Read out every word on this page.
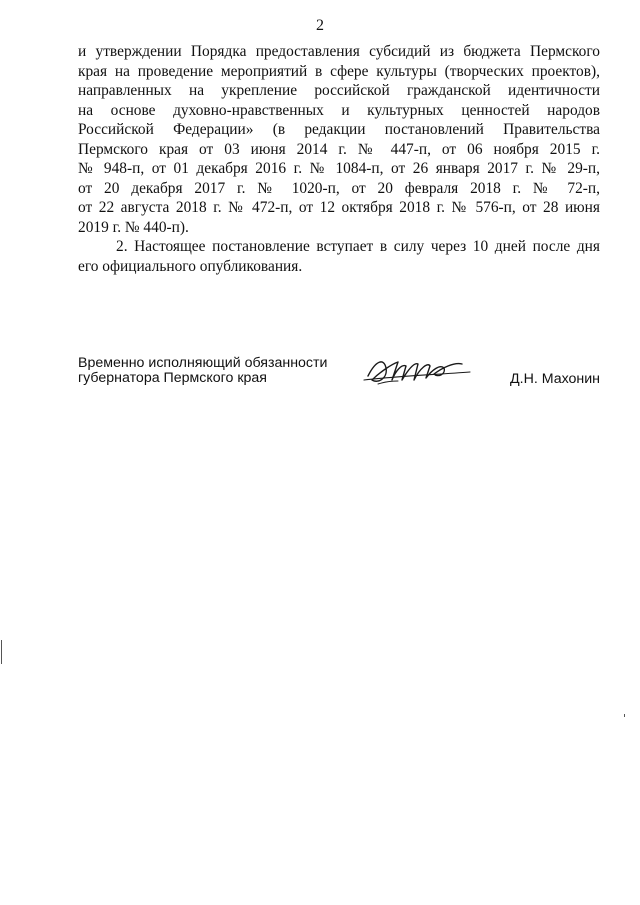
2
и утверждении Порядка предоставления субсидий из бюджета Пермского
края на проведение мероприятий в сфере культуры (творческих проектов),
направленных на укрепление российской гражданской идентичности
на основе духовно-нравственных и культурных ценностей народов
Российской Федерации» (в редакции постановлений Правительства
Пермского края от 03 июня 2014 г. № 447-п, от 06 ноября 2015 г.
№ 948-п, от 01 декабря 2016 г. № 1084-п, от 26 января 2017 г. № 29-п,
от 20 декабря 2017 г. № 1020-п, от 20 февраля 2018 г. № 72-п,
от 22 августа 2018 г. № 472-п, от 12 октября 2018 г. № 576-п, от 28 июня
2019 г. № 440-п).
2. Настоящее постановление вступает в силу через 10 дней после дня
его официального опубликования.
Временно исполняющий обязанности
губернатора Пермского края	Д.Н. Махонин
